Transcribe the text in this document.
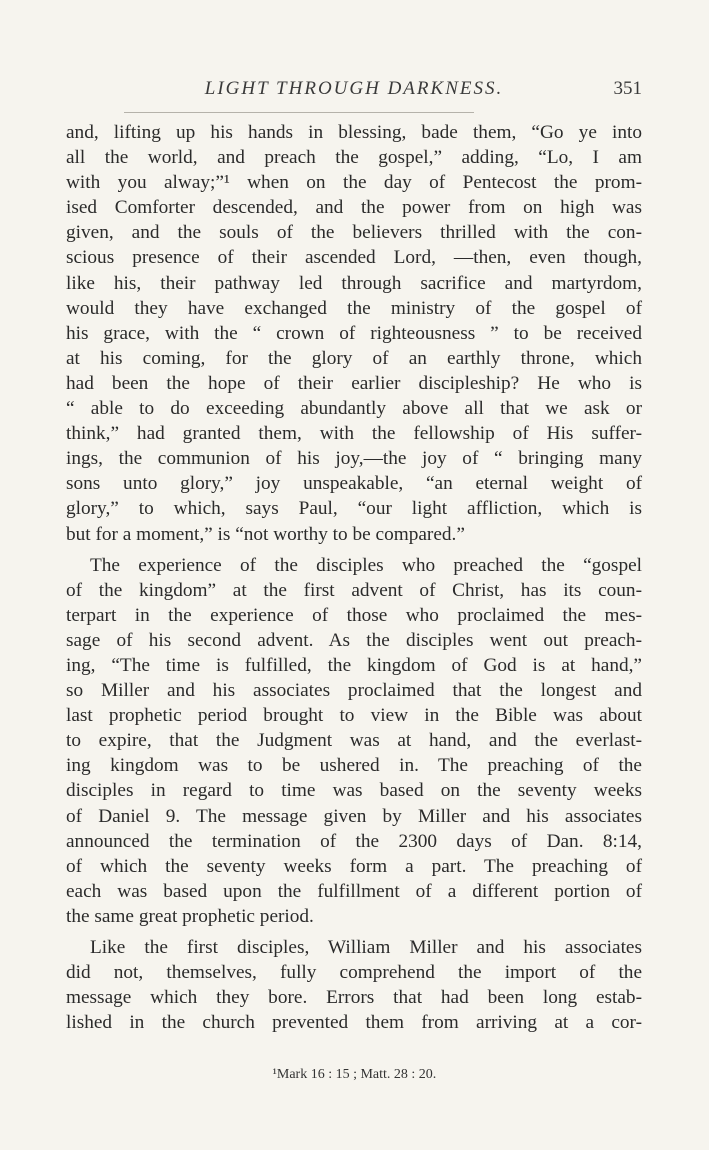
LIGHT THROUGH DARKNESS.	351
and, lifting up his hands in blessing, bade them, “Go ye into
all the world, and preach the gospel,” adding, “Lo, I am
with you alway;”¹ when on the day of Pentecost the prom-
ised Comforter descended, and the power from on high was
given, and the souls of the believers thrilled with the con-
scious presence of their ascended Lord, —then, even though,
like his, their pathway led through sacrifice and martyrdom,
would they have exchanged the ministry of the gospel of
his grace, with the “ crown of righteousness ” to be received
at his coming, for the glory of an earthly throne, which
had been the hope of their earlier discipleship? He who is
“ able to do exceeding abundantly above all that we ask or
think,” had granted them, with the fellowship of His suffer-
ings, the communion of his joy,—the joy of “ bringing many
sons unto glory,” joy unspeakable, “an eternal weight of
glory,” to which, says Paul, “our light affliction, which is
but for a moment,” is “not worthy to be compared.”
The experience of the disciples who preached the “gospel
of the kingdom” at the first advent of Christ, has its coun-
terpart in the experience of those who proclaimed the mes-
sage of his second advent. As the disciples went out preach-
ing, “The time is fulfilled, the kingdom of God is at hand,”
so Miller and his associates proclaimed that the longest and
last prophetic period brought to view in the Bible was about
to expire, that the Judgment was at hand, and the everlast-
ing kingdom was to be ushered in. The preaching of the
disciples in regard to time was based on the seventy weeks
of Daniel 9. The message given by Miller and his associates
announced the termination of the 2300 days of Dan. 8:14,
of which the seventy weeks form a part. The preaching of
each was based upon the fulfillment of a different portion of
the same great prophetic period.
Like the first disciples, William Miller and his associates
did not, themselves, fully comprehend the import of the
message which they bore. Errors that had been long estab-
lished in the church prevented them from arriving at a cor-
¹Mark 16 : 15 ; Matt. 28 : 20.
